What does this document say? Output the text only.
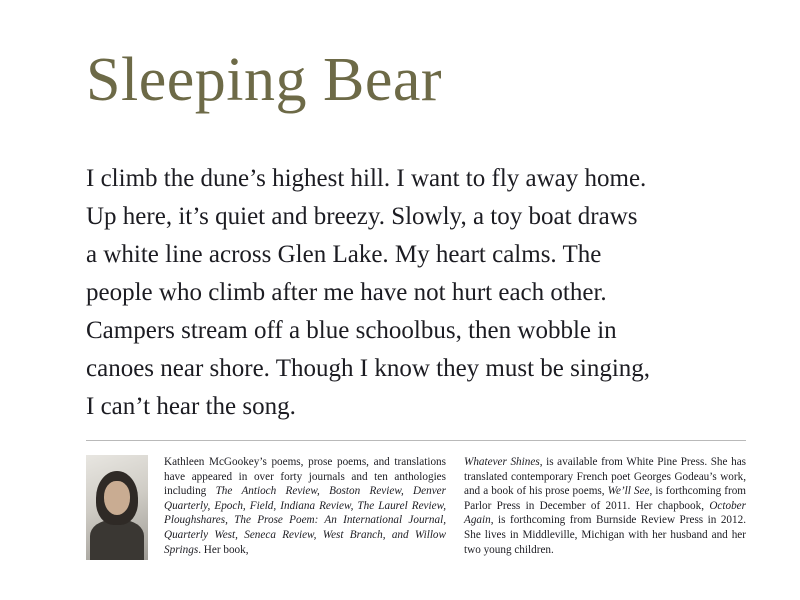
Sleeping Bear
I climb the dune’s highest hill. I want to fly away home.
Up here, it’s quiet and breezy. Slowly, a toy boat draws
a white line across Glen Lake. My heart calms. The
people who climb after me have not hurt each other.
Campers stream off a blue schoolbus, then wobble in
canoes near shore. Though I know they must be singing,
I can’t hear the song.
Kathleen McGookey’s poems, prose poems, and translations have appeared in over forty journals and ten anthologies including The Antioch Review, Boston Review, Denver Quarterly, Epoch, Field, Indiana Review, The Laurel Review, Ploughshares, The Prose Poem: An International Journal, Quarterly West, Seneca Review, West Branch, and Willow Springs. Her book,
Whatever Shines, is available from White Pine Press. She has translated contemporary French poet Georges Godeau’s work, and a book of his prose poems, We’ll See, is forthcoming from Parlor Press in December of 2011. Her chapbook, October Again, is forthcoming from Burnside Review Press in 2012. She lives in Middleville, Michigan with her husband and her two young children.
